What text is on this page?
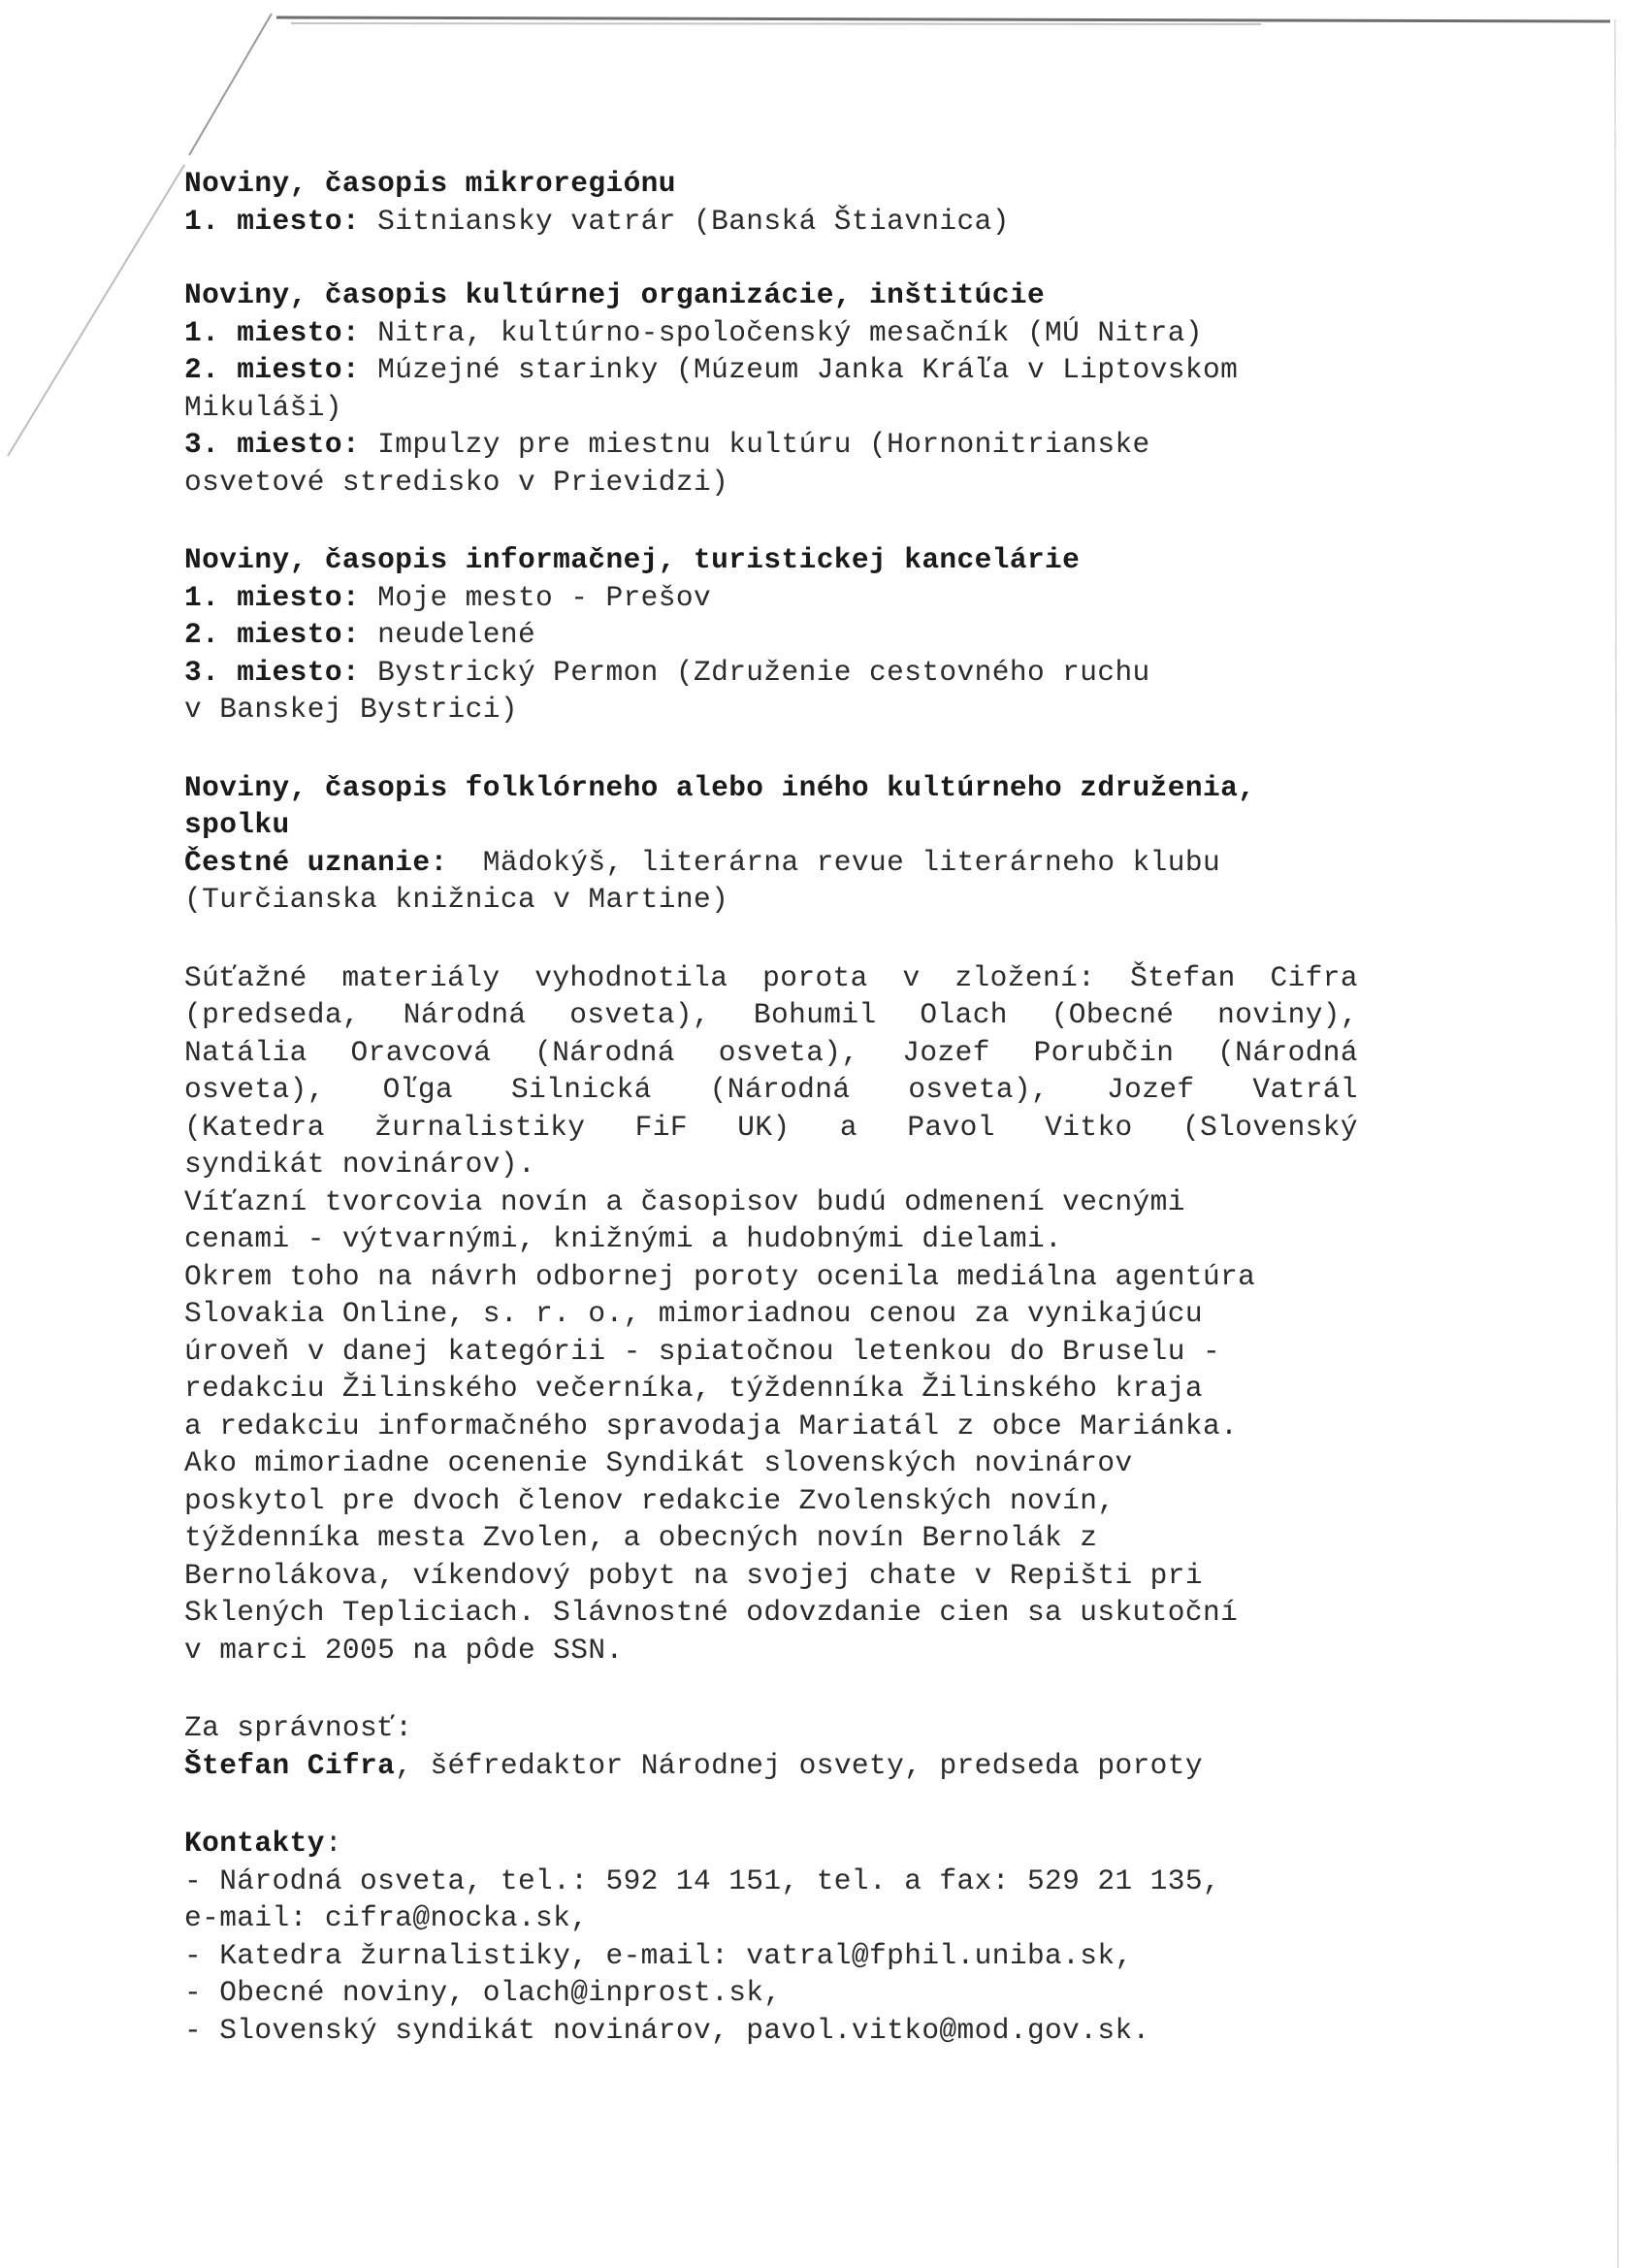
Noviny, časopis mikroregiónu
1. miesto: Sitniansky vatrár (Banská Štiavnica)
Noviny, časopis kultúrnej organizácie, inštitúcie
1. miesto: Nitra, kultúrno-spoločenský mesačník (MÚ Nitra)
2. miesto: Múzejné starinky (Múzeum Janka Kráľa v Liptovskom
Mikuláši)
3. miesto: Impulzy pre miestnu kultúru (Hornonitrianske
osvetové stredisko v Prievidzi)
Noviny, časopis informačnej, turistickej kancelárie
1. miesto: Moje mesto - Prešov
2. miesto: neudelené
3. miesto: Bystrický Permon (Združenie cestovného ruchu
v Banskej Bystrici)
Noviny, časopis folklórneho alebo iného kultúrneho združenia,
spolku
Čestné uznanie:  Mädokýš, literárna revue literárneho klubu
(Turčianska knižnica v Martine)
Súťažné materiály vyhodnotila porota v zložení: Štefan Cifra
(predseda, Národná osveta), Bohumil Olach (Obecné noviny),
Natália Oravcová (Národná osveta), Jozef Porubčin (Národná
osveta), Oľga Silnická (Národná osveta), Jozef Vatrál
(Katedra žurnalistiky FiF UK) a Pavol Vitko (Slovenský
syndikát novinárov).
Víťazní tvorcovia novín a časopisov budú odmenení vecnými
cenami - výtvarnými, knižnými a hudobnými dielami.
Okrem toho na návrh odbornej poroty ocenila mediálna agentúra
Slovakia Online, s. r. o., mimoriadnou cenou za vynikajúcu
úroveň v danej kategórii - spiatočnou letenkou do Bruselu -
redakciu Žilinského večerníka, týždenníka Žilinského kraja
a redakciu informačného spravodaja Mariatál z obce Mariánka.
Ako mimoriadne ocenenie Syndikát slovenských novinárov
poskytol pre dvoch členov redakcie Zvolenských novín,
týždenníka mesta Zvolen, a obecných novín Bernolák z
Bernolákova, víkendový pobyt na svojej chate v Repišti pri
Sklených Tepliciach. Slávnostné odovzdanie cien sa uskutoční
v marci 2005 na pôde SSN.
Za správnosť:
Štefan Cifra, šéfredaktor Národnej osvety, predseda poroty
Kontakty:
- Národná osveta, tel.: 592 14 151, tel. a fax: 529 21 135,
e-mail: cifra@nocka.sk,
- Katedra žurnalistiky, e-mail: vatral@fphil.uniba.sk,
- Obecné noviny, olach@inprost.sk,
- Slovenský syndikát novinárov, pavol.vitko@mod.gov.sk.
